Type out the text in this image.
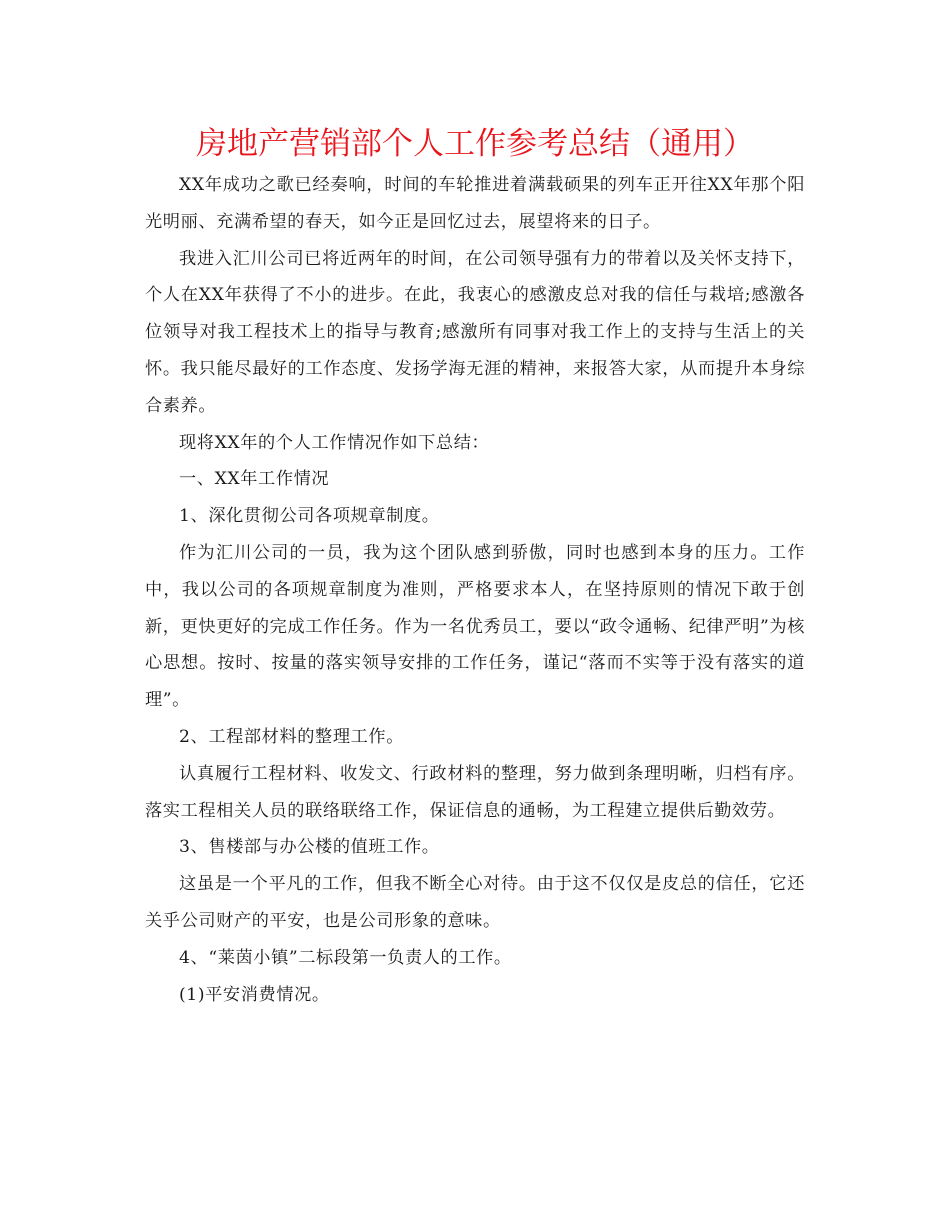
房地产营销部个人工作参考总结（通用）

XX年成功之歌已经奏响，时间的车轮推进着满载硕果的列车正开往XX年那个阳光明丽、充满希望的春天，如今正是回忆过去，展望将来的日子。

我进入汇川公司已将近两年的时间，在公司领导强有力的带着以及关怀支持下，个人在XX年获得了不小的进步。在此，我衷心的感激皮总对我的信任与栽培;感激各位领导对我工程技术上的指导与教育;感激所有同事对我工作上的支持与生活上的关怀。我只能尽最好的工作态度、发扬学海无涯的精神，来报答大家，从而提升本身综合素养。

现将XX年的个人工作情况作如下总结：

一、XX年工作情况

1、深化贯彻公司各项规章制度。

作为汇川公司的一员，我为这个团队感到骄傲，同时也感到本身的压力。工作中，我以公司的各项规章制度为准则，严格要求本人，在坚持原则的情况下敢于创新，更快更好的完成工作任务。作为一名优秀员工，要以“政令通畅、纪律严明”为核心思想。按时、按量的落实领导安排的工作任务，谨记“落而不实等于没有落实的道理”。

2、工程部材料的整理工作。

认真履行工程材料、收发文、行政材料的整理，努力做到条理明晰，归档有序。落实工程相关人员的联络联络工作，保证信息的通畅，为工程建立提供后勤效劳。

3、售楼部与办公楼的值班工作。

这虽是一个平凡的工作，但我不断全心对待。由于这不仅仅是皮总的信任，它还关乎公司财产的平安，也是公司形象的意味。

4、“莱茵小镇”二标段第一负责人的工作。

(1)平安消费情况。
